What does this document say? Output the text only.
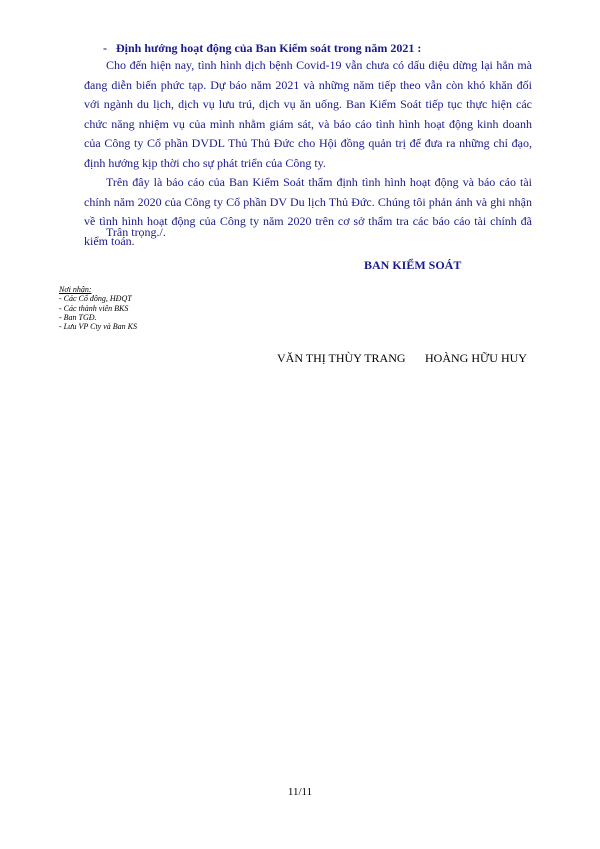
- Định hướng hoạt động của Ban Kiểm soát trong năm 2021 :

Cho đến hiện nay, tình hình dịch bệnh Covid-19 vẫn chưa có dấu diệu dừng lại hẳn mà đang diễn biến phức tạp. Dự báo năm 2021 và những năm tiếp theo vẫn còn khó khăn đối với ngành du lịch, dịch vụ lưu trú, dịch vụ ăn uống. Ban Kiểm Soát tiếp tục thực hiện các chức năng nhiệm vụ của mình nhằm giám sát, và báo cáo tình hình hoạt động kinh doanh của Công ty Cổ phần DVDL Thủ Thủ Đức cho Hội đồng quản trị để đưa ra những chỉ đạo, định hướng kịp thời cho sự phát triển của Công ty.

Trên đây là báo cáo của Ban Kiểm Soát thẩm định tình hình hoạt động và báo cáo tài chính năm 2020 của Công ty Cổ phần DV Du lịch Thủ Đức. Chúng tôi phản ánh và ghi nhận về tình hình hoạt động của Công ty năm 2020 trên cơ sở thẩm tra các báo cáo tài chính đã kiểm toán.

Trân trọng./.
BAN KIỂM SOÁT
Nơi nhận:
- Các Cổ đông, HĐQT
- Các thành viên BKS
- Ban TGĐ.
- Lưu VP Cty và Ban KS
VĂN THỊ THÙY TRANG HOÀNG HỮU HUY
11/11
